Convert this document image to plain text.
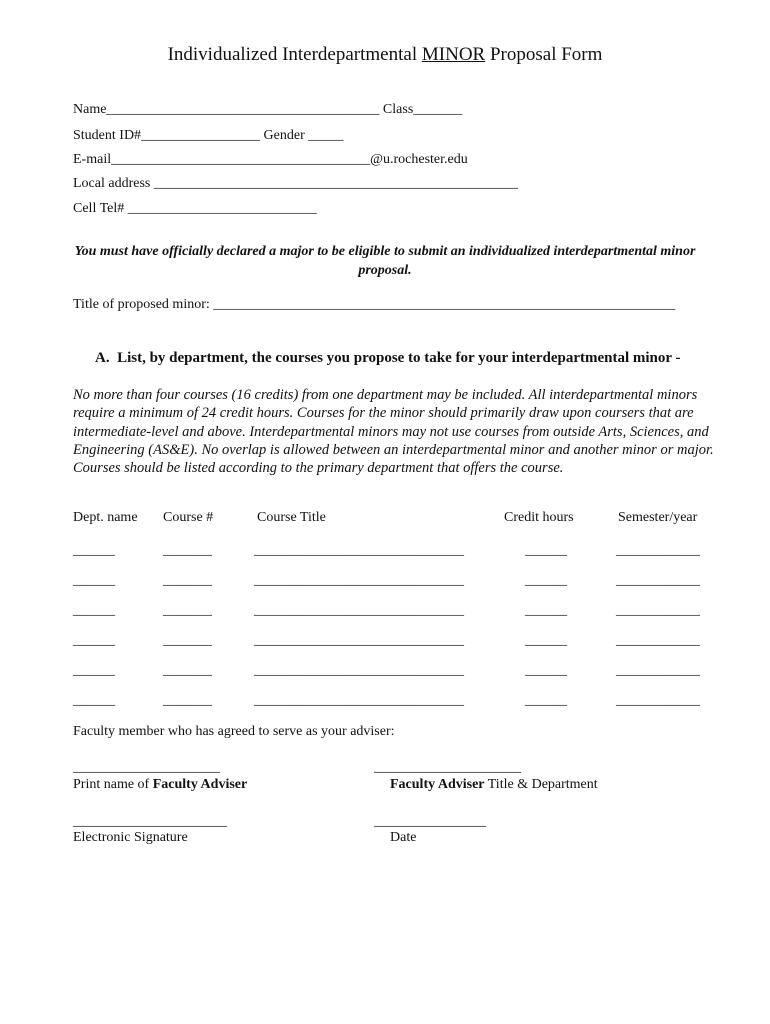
Individualized Interdepartmental MINOR Proposal Form
Name_______________________________________ Class_______
Student ID#_________________ Gender _____
E-mail_____________________________________@u.rochester.edu
Local address ____________________________________________________
Cell Tel# ___________________________
You must have officially declared a major to be eligible to submit an individualized interdepartmental minor proposal.
Title of proposed minor: __________________________________________________________________
A.  List, by department, the courses you propose to take for your interdepartmental minor -
No more than four courses (16 credits) from one department may be included. All interdepartmental minors require a minimum of 24 credit hours. Courses for the minor should primarily draw upon coursers that are intermediate-level and above. Interdepartmental minors may not use courses from outside Arts, Sciences, and Engineering (AS&E). No overlap is allowed between an interdepartmental minor and another minor or major. Courses should be listed according to the primary department that offers the course.
Dept. name Course #	Course Title	Credit hours	Semester/year
______	_______	______________________________	______	____________
______	_______	______________________________	______	____________
______	_______	______________________________	______	____________
______	_______	______________________________	______	____________
______	_______	______________________________	______	____________
______	_______	______________________________	______	____________
Faculty member who has agreed to serve as your adviser:
_____________________
Print name of Faculty Adviser
_____________________
Faculty Adviser Title & Department
______________________
Electronic Signature
________________
Date
